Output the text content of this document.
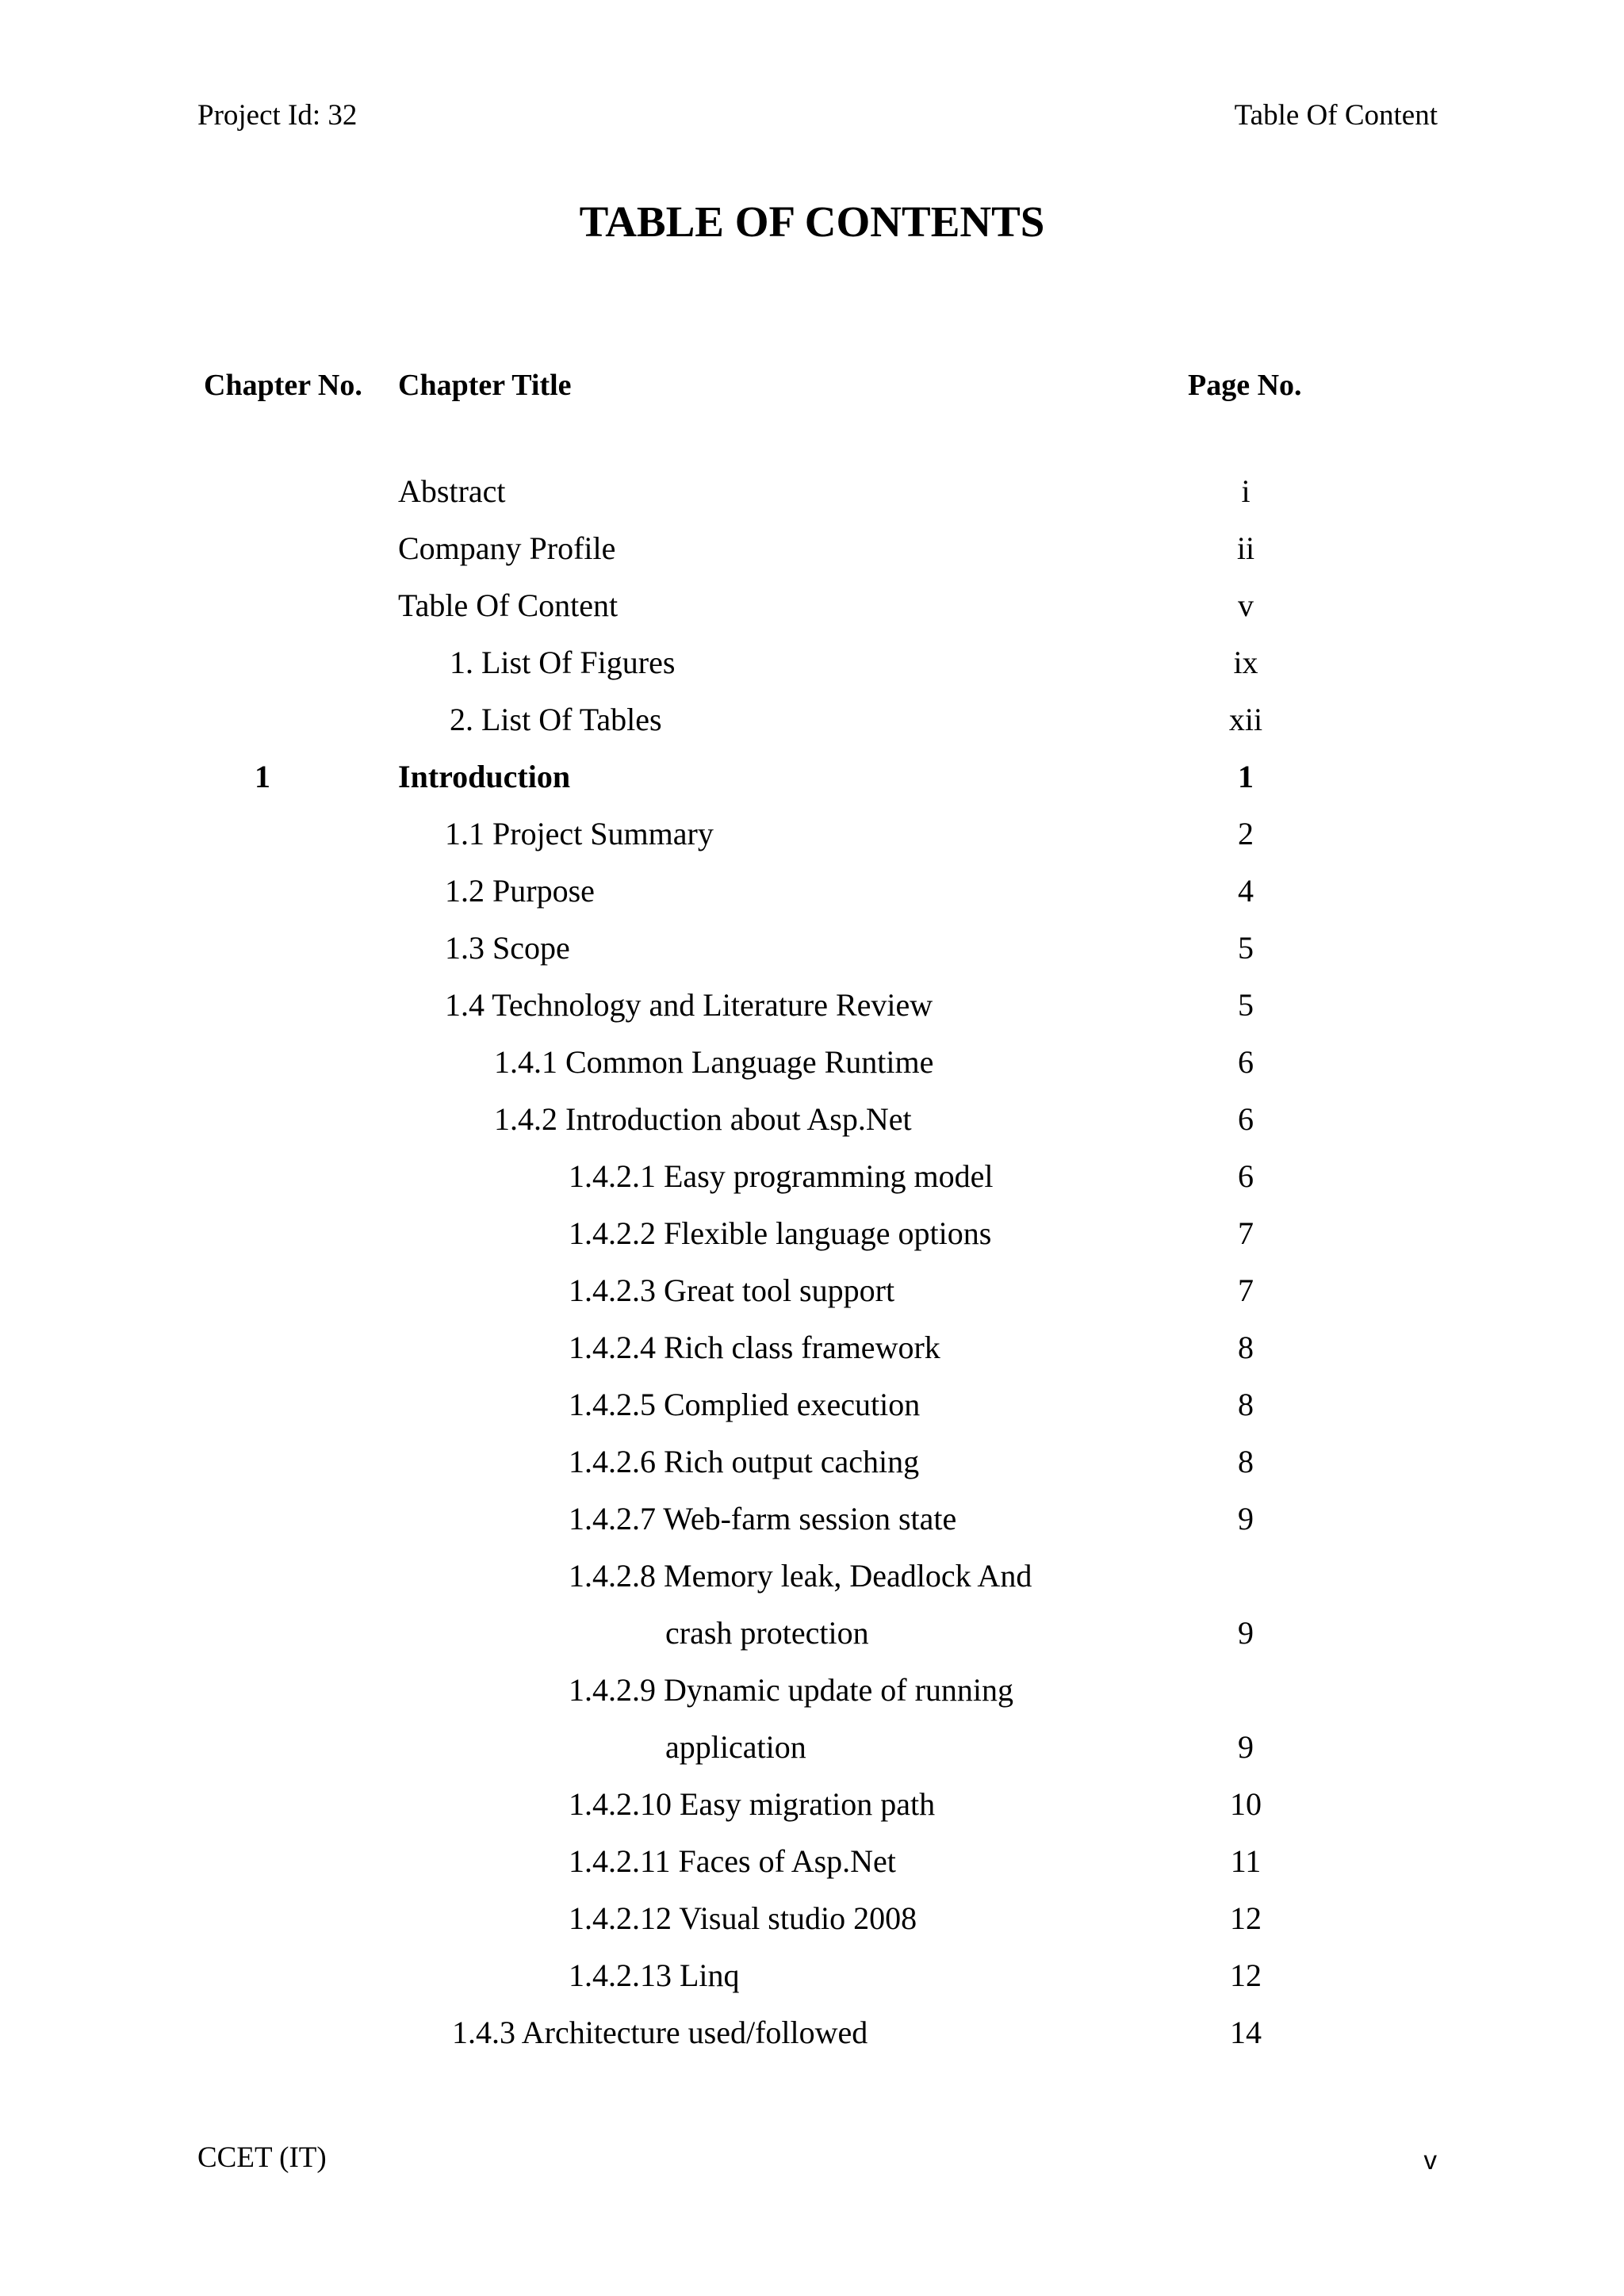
Project Id: 32	Table Of Content
TABLE OF CONTENTS
Chapter No. Chapter Title	Page No.
Abstract	i
Company Profile	ii
Table Of Content	v
1. List Of Figures	ix
2. List Of Tables	xii
1	Introduction	1
1.1 Project Summary	2
1.2 Purpose	4
1.3 Scope	5
1.4 Technology and Literature Review	5
1.4.1 Common Language Runtime	6
1.4.2 Introduction about Asp.Net	6
1.4.2.1 Easy programming model	6
1.4.2.2 Flexible language options	7
1.4.2.3 Great tool support	7
1.4.2.4 Rich class framework	8
1.4.2.5 Complied execution	8
1.4.2.6 Rich output caching	8
1.4.2.7 Web-farm session state	9
1.4.2.8 Memory leak, Deadlock And
crash protection	9
1.4.2.9 Dynamic update of running
application	9
1.4.2.10 Easy migration path	10
1.4.2.11 Faces of Asp.Net	11
1.4.2.12 Visual studio 2008	12
1.4.2.13 Linq	12
1.4.3 Architecture used/followed	14
CCET (IT)	v
